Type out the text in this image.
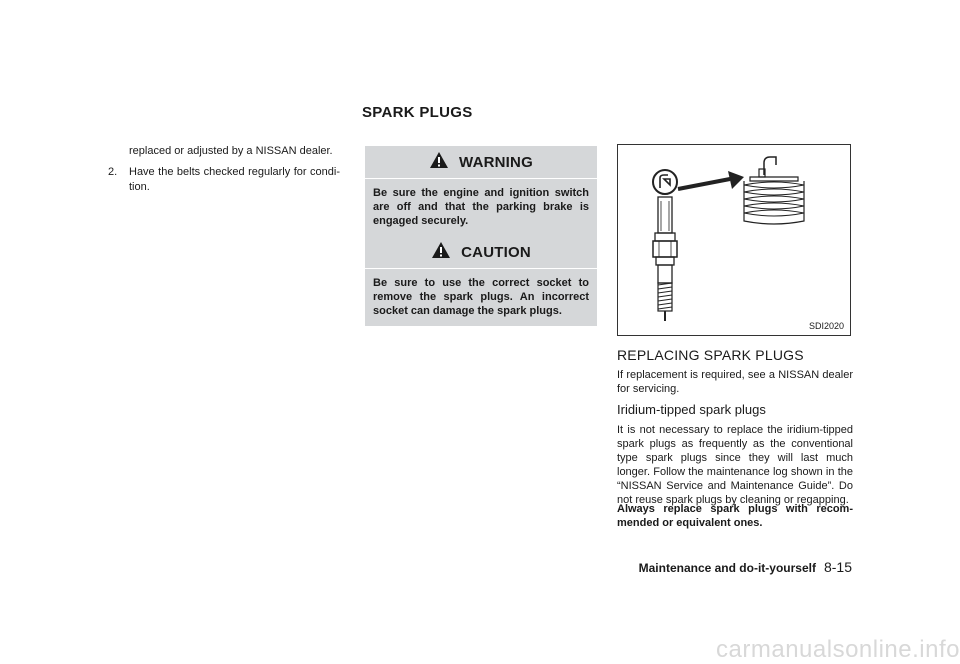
SPARK PLUGS

replaced or adjusted by a NISSAN dealer.

2.	Have the belts checked regularly for condi-tion.
WARNING
Be sure the engine and ignition switch are off and that the parking brake is engaged securely.
CAUTION
Be sure to use the correct socket to remove the spark plugs. An incorrect socket can damage the spark plugs.
SDI2020
REPLACING SPARK PLUGS
If replacement is required, see a NISSAN dealer for servicing.
Iridium-tipped spark plugs
It is not necessary to replace the iridium-tipped spark plugs as frequently as the conventional type spark plugs since they will last much longer. Follow the maintenance log shown in the “NISSAN Service and Maintenance Guide”. Do not reuse spark plugs by cleaning or regapping.
Always replace spark plugs with recom-mended or equivalent ones.
Maintenance and do-it-yourself 8-15
carmanualsonline.info
